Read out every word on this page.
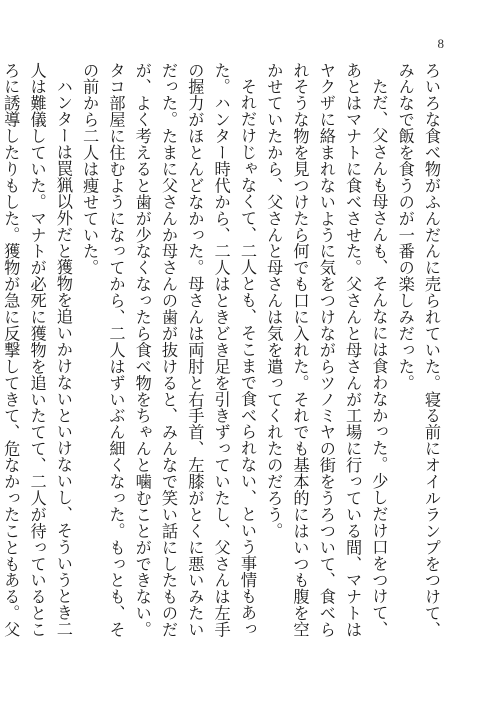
8

ろいろな食べ物がふんだんに売られていた。寝る前にオイルランプをつけて、みんなで飯を食うのが一番の楽しみだった。

ただ、父さんも母さんも、そんなには食わなかった。少しだけ口をつけて、あとはマナトに食べさせた。父さんと母さんが工場に行っている間、マナトはヤクザに絡まれないように気をつけながらツノミヤの街をうろついて、食べられそうな物を見つけたら何でも口に入れた。それでも基本的にはいつも腹を空かせていたから、父さんと母さんは気を遣ってくれたのだろう。

それだけじゃなくて、二人とも、そこまで食べられない、という事情もあった。ハンター時代から、二人はときどき足を引きずっていたし、父さんは左手の握力がほとんどなかった。母さんは両肘と右手首、左膝がとくに悪いみたいだった。たまに父さんか母さんの歯が抜けると、みんなで笑い話にしたものだが、よく考えると歯が少なくなったら食べ物をちゃんと噛むことができない。タコ部屋に住むようになってから、二人はずいぶん細くなった。もっとも、その前から二人は痩せていた。

ハンターは罠猟以外だと獲物を追いかけないといけないし、そういうとき二人は難儀していた。マナトが必死に獲物を追いたてて、二人が待っているところに誘導したりもした。獲物が急に反撃してきて、危なかったこともある。父
